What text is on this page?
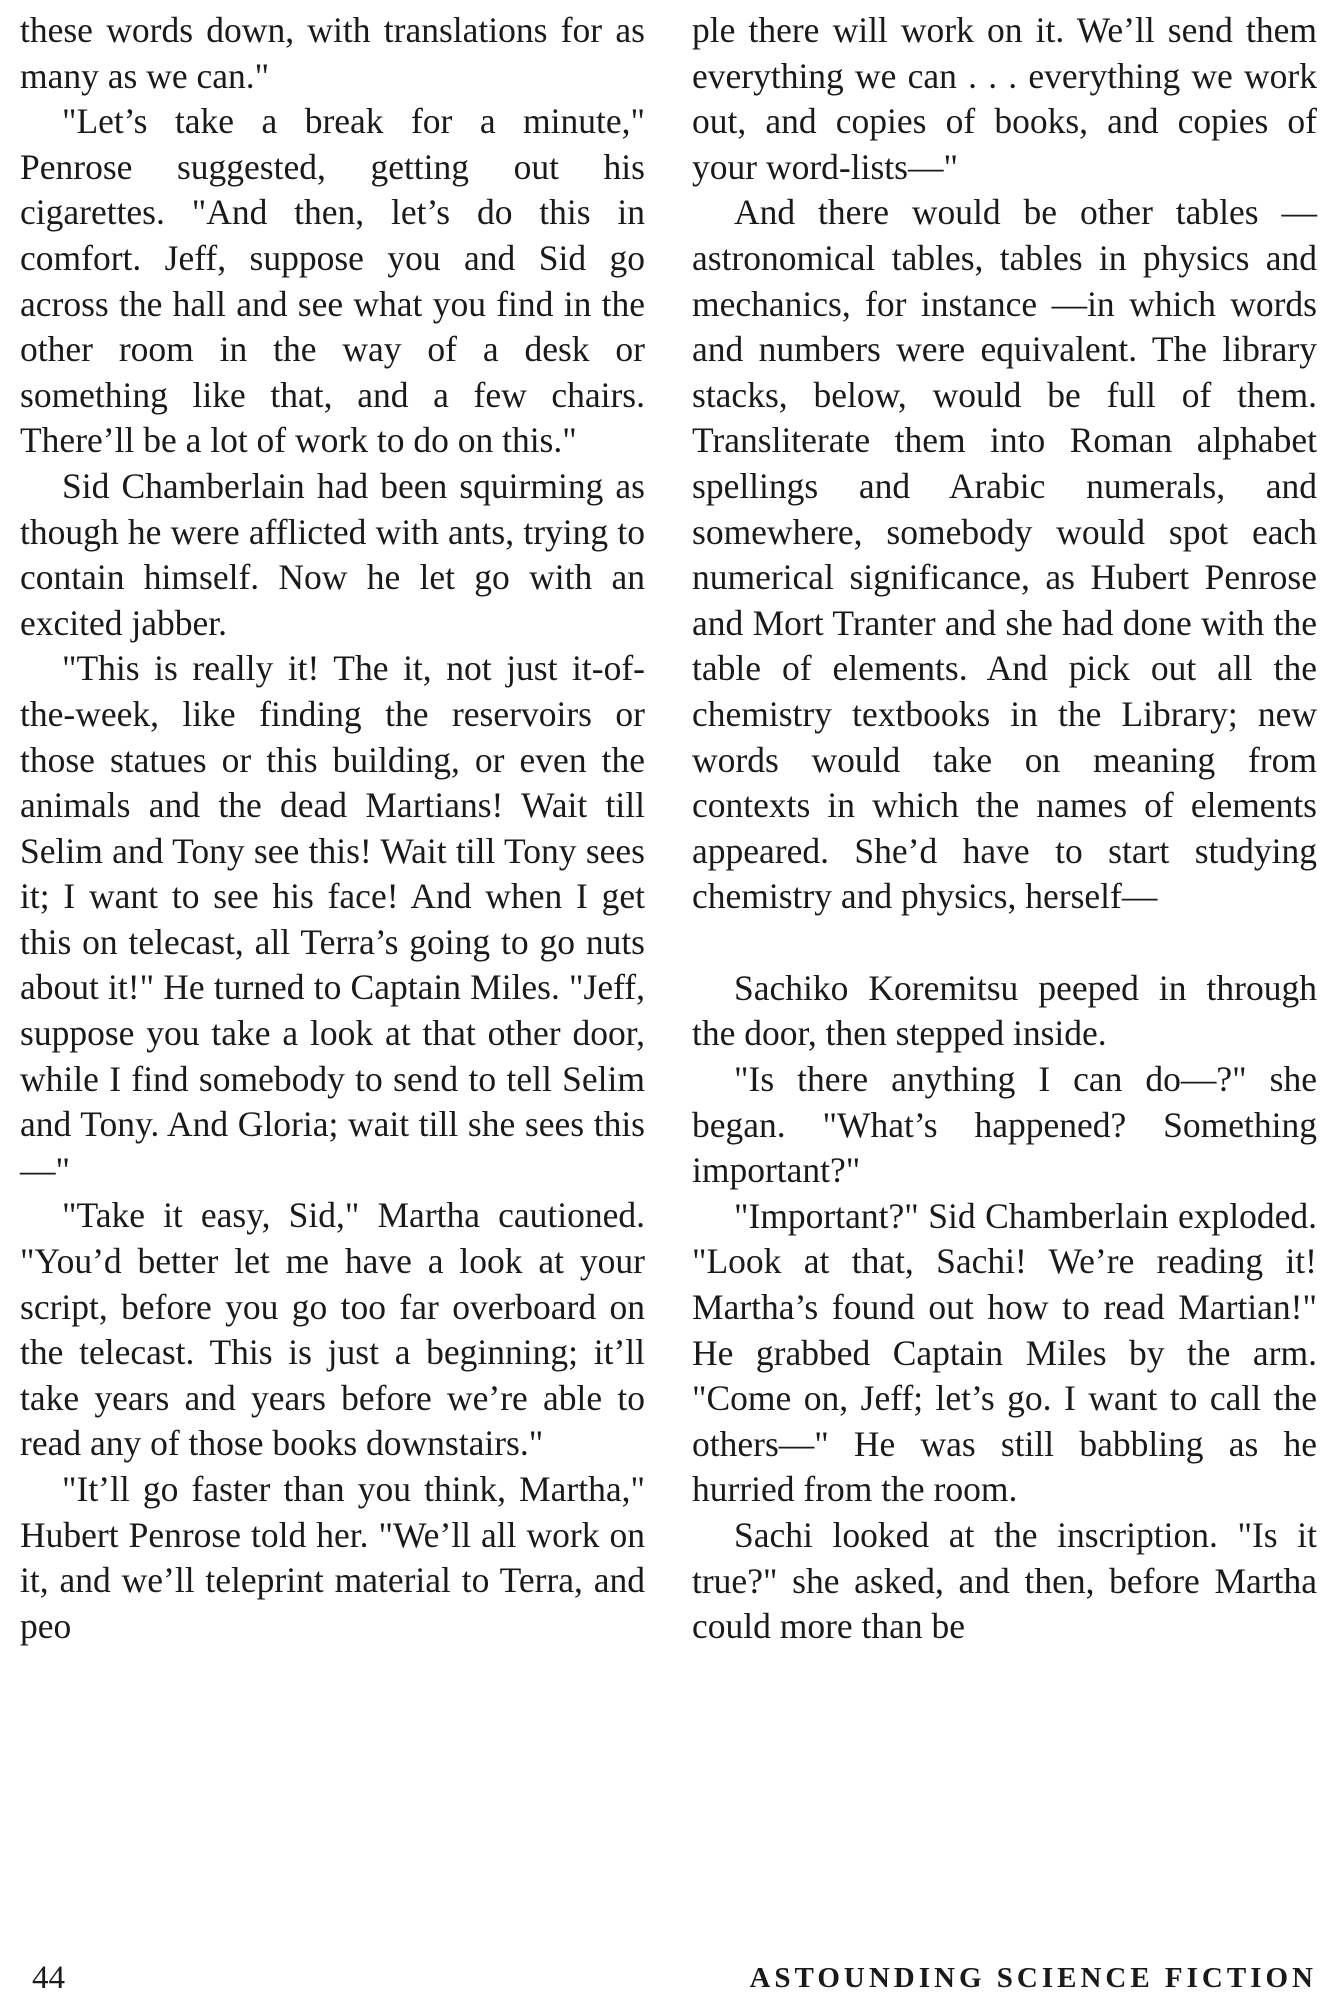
these words down, with translations for as many as we can."

"Let’s take a break for a minute," Penrose suggested, getting out his cigarettes. "And then, let’s do this in comfort. Jeff, suppose you and Sid go across the hall and see what you find in the other room in the way of a desk or something like that, and a few chairs. There’ll be a lot of work to do on this."

Sid Chamberlain had been squirming as though he were afflicted with ants, trying to contain himself. Now he let go with an excited jabber.

"This is really it! The it, not just it-of-the-week, like finding the reservoirs or those statues or this building, or even the animals and the dead Martians! Wait till Selim and Tony see this! Wait till Tony sees it; I want to see his face! And when I get this on telecast, all Terra’s going to go nuts about it!" He turned to Captain Miles. "Jeff, suppose you take a look at that other door, while I find somebody to send to tell Selim and Tony. And Gloria; wait till she sees this—"

"Take it easy, Sid," Martha cautioned. "You’d better let me have a look at your script, before you go too far overboard on the telecast. This is just a beginning; it’ll take years and years before we’re able to read any of those books downstairs."

"It’ll go faster than you think, Martha," Hubert Penrose told her. "We’ll all work on it, and we’ll teleprint material to Terra, and peo

ple there will work on it. We’ll send them everything we can . . . everything we work out, and copies of books, and copies of your word-lists—"

And there would be other tables —astronomical tables, tables in physics and mechanics, for instance —in which words and numbers were equivalent. The library stacks, below, would be full of them. Transliterate them into Roman alphabet spellings and Arabic numerals, and somewhere, somebody would spot each numerical significance, as Hubert Penrose and Mort Tranter and she had done with the table of elements. And pick out all the chemistry textbooks in the Library; new words would take on meaning from contexts in which the names of elements appeared. She’d have to start studying chemistry and physics, herself—

Sachiko Koremitsu peeped in through the door, then stepped inside.

"Is there anything I can do—?" she began. "What’s happened? Something important?"

"Important?" Sid Chamberlain exploded. "Look at that, Sachi! We’re reading it! Martha’s found out how to read Martian!" He grabbed Captain Miles by the arm. "Come on, Jeff; let’s go. I want to call the others—" He was still babbling as he hurried from the room.

Sachi looked at the inscription. "Is it true?" she asked, and then, before Martha could more than be

44	ASTOUNDING SCIENCE FICTION
